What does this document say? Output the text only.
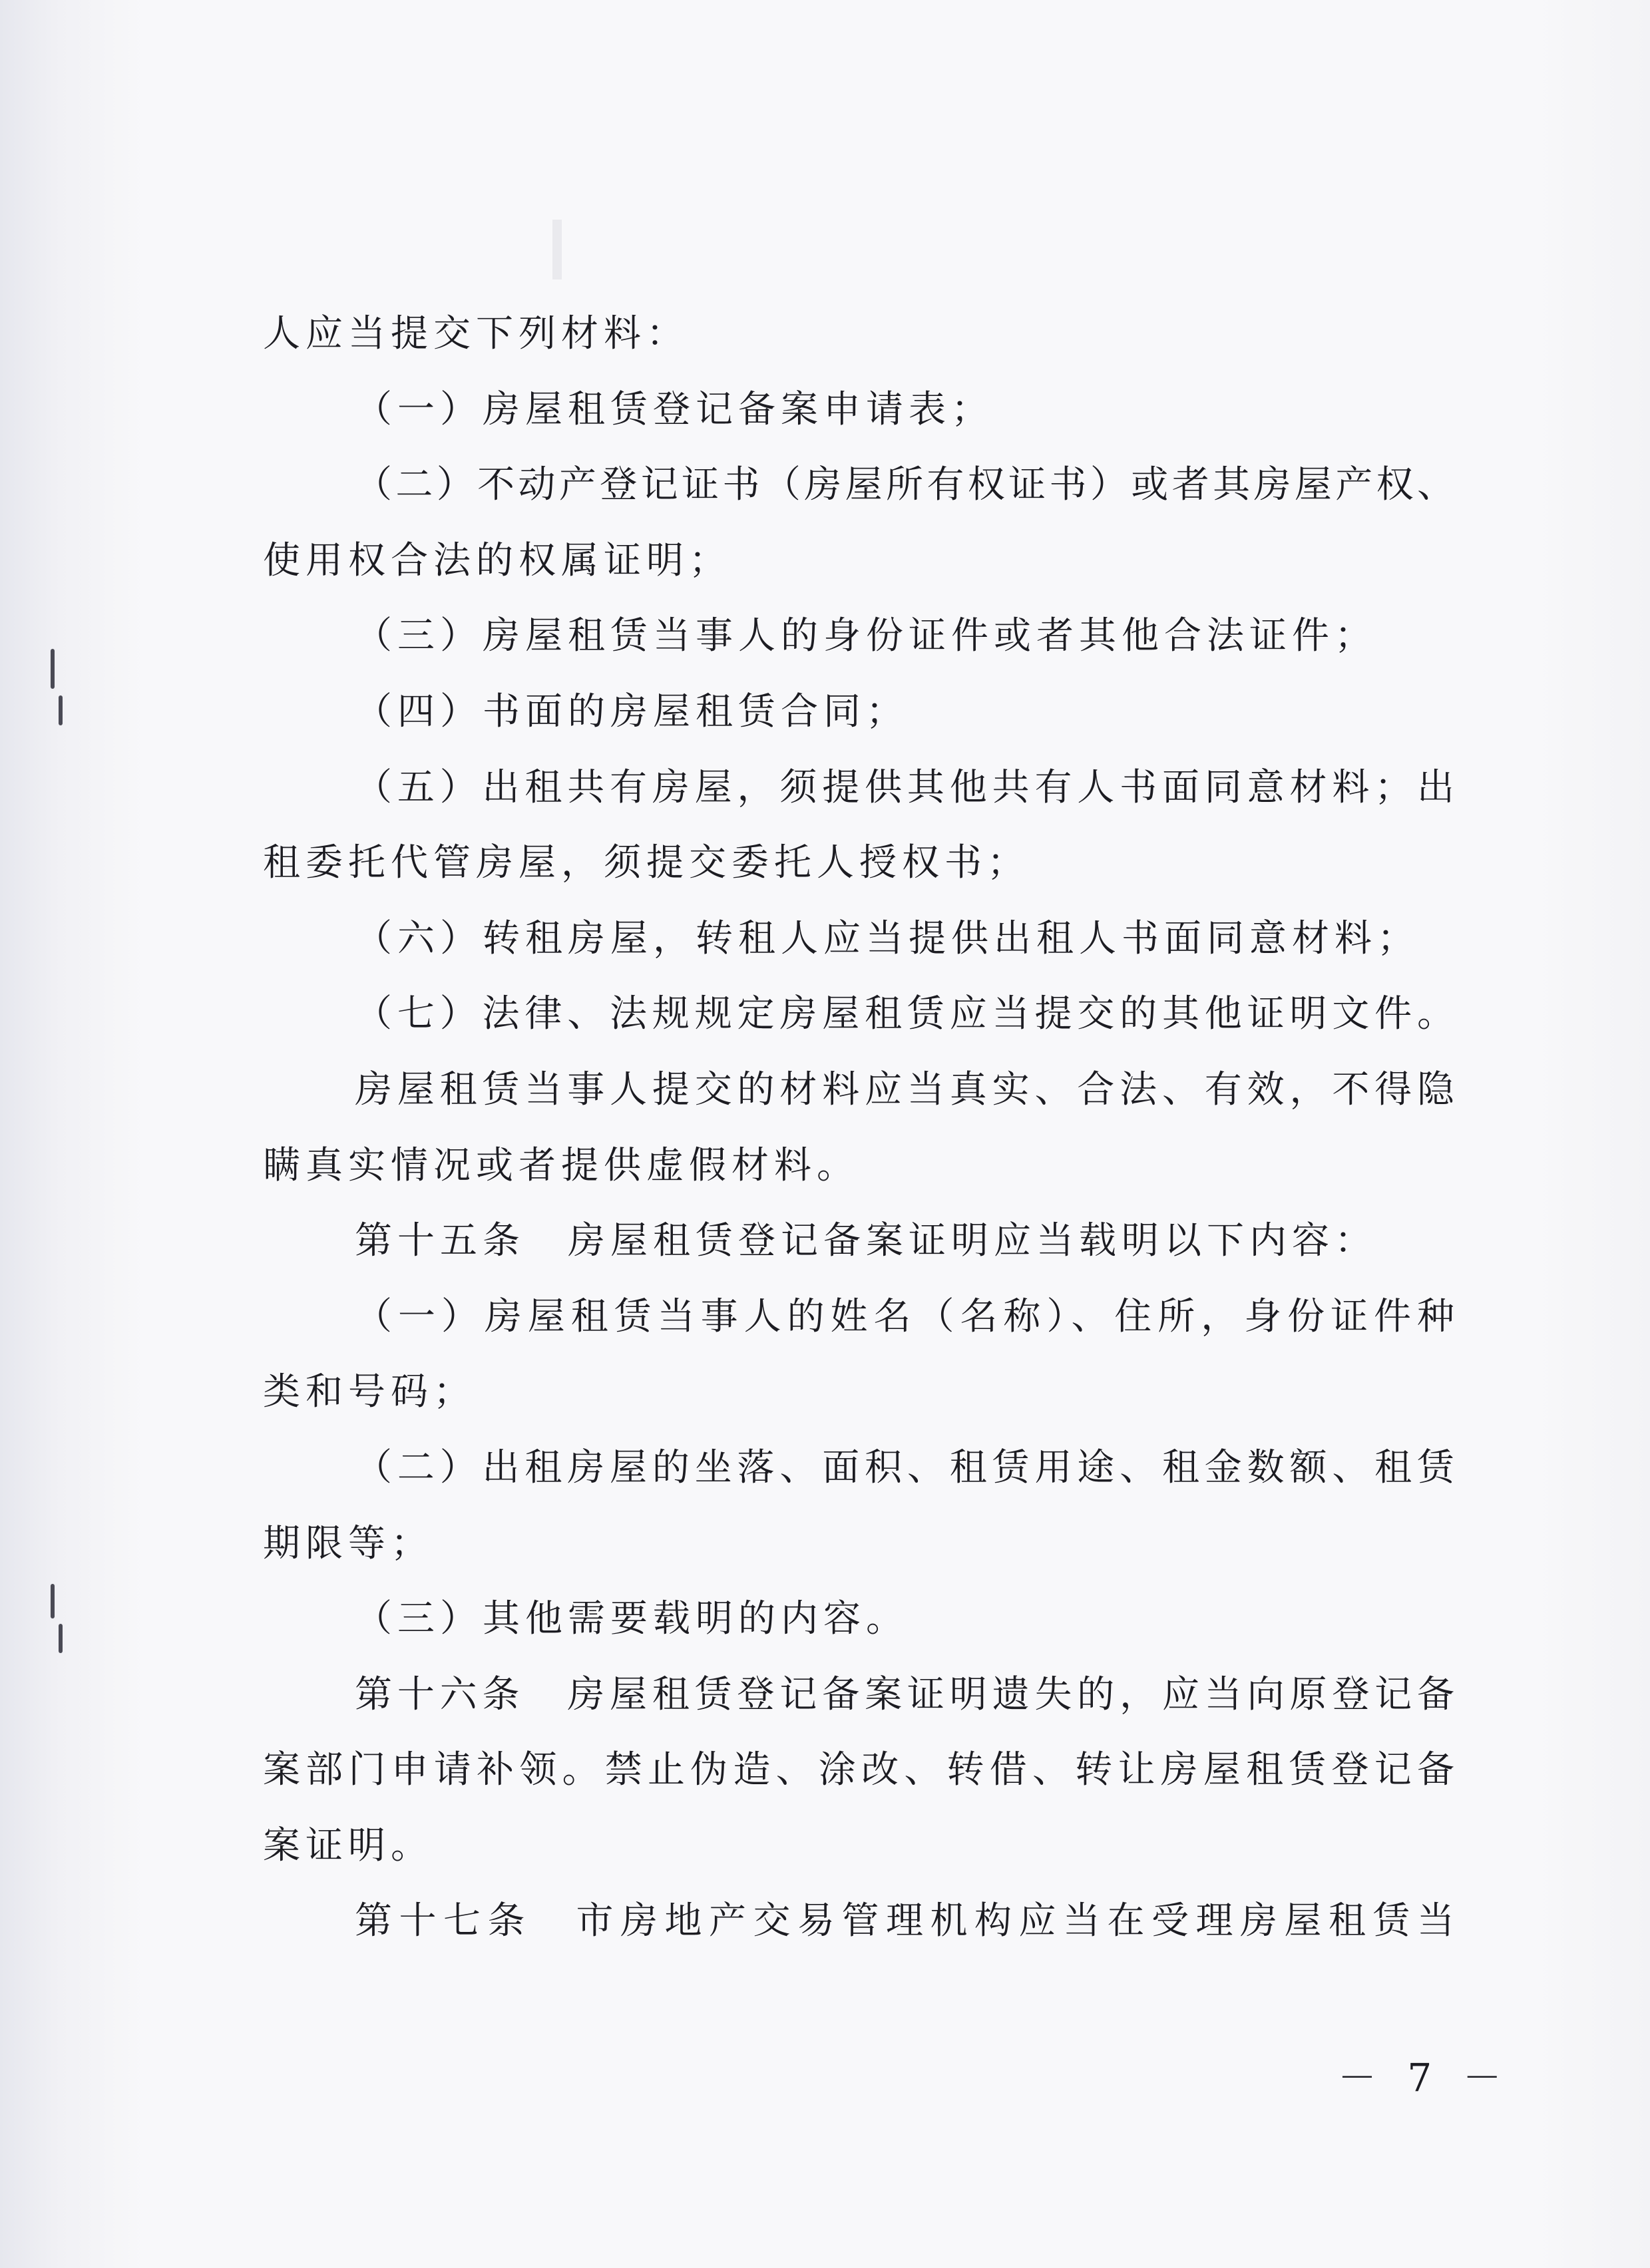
人应当提交下列材料：
（一）房屋租赁登记备案申请表；
（二）不动产登记证书（房屋所有权证书）或者其房屋产权、
使用权合法的权属证明；
（三）房屋租赁当事人的身份证件或者其他合法证件；
（四）书面的房屋租赁合同；
（五）出租共有房屋，须提供其他共有人书面同意材料；出
租委托代管房屋，须提交委托人授权书；
（六）转租房屋，转租人应当提供出租人书面同意材料；
（七）法律、法规规定房屋租赁应当提交的其他证明文件。
房屋租赁当事人提交的材料应当真实、合法、有效，不得隐
瞒真实情况或者提供虚假材料。
第十五条　房屋租赁登记备案证明应当载明以下内容：
（一）房屋租赁当事人的姓名（名称）、住所，身份证件种
类和号码；
（二）出租房屋的坐落、面积、租赁用途、租金数额、租赁
期限等；
（三）其他需要载明的内容。
第十六条　房屋租赁登记备案证明遗失的，应当向原登记备
案部门申请补领。禁止伪造、涂改、转借、转让房屋租赁登记备
案证明。
第十七条　市房地产交易管理机构应当在受理房屋租赁当
－ 7 －
